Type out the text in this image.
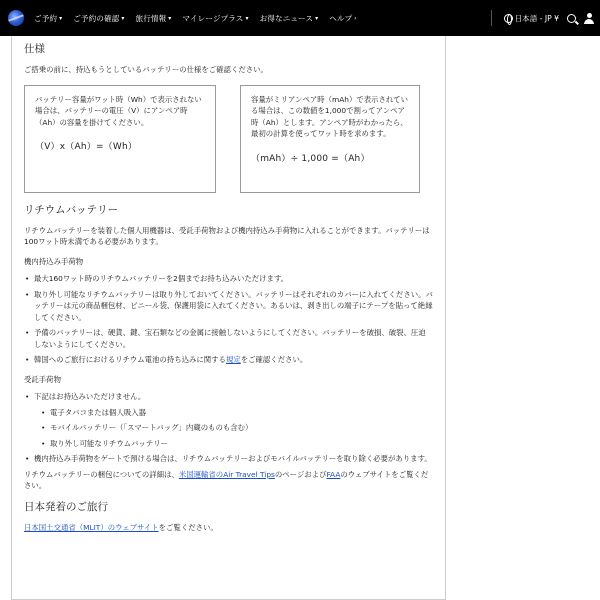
ご予約 ▾ ご予約の確認 ▾ 旅行情報 ▾ マイレージプラス ▾ お得なニュース ▾ ヘルプ ›	日本語 - JP ¥
仕様

ご搭乗の前に、持込もうとしているバッテリーの仕様をご確認ください。

バッテリー容量がワット時（Wh）で表示されない場合は、バッテリーの電圧（V）にアンペア時（Ah）の容量を掛けてください。

（V）x（Ah）=（Wh）

容量がミリアンペア時（mAh）で表示されている場合は、この数値を1,000で割ってアンペア時（Ah）とします。アンペア時がわかったら、最初の計算を使ってワット時を求めます。

（mAh）÷ 1,000 =（Ah）

リチウムバッテリー

リチウムバッテリーを装着した個人用機器は、受託手荷物および機内持込み手荷物に入れることができます。バッテリーは100ワット時未満である必要があります。

機内持込み手荷物

• 最大160ワット時のリチウムバッテリーを2個までお持ち込みいただけます。
• 取り外し可能なリチウムバッテリーは取り外しておいてください。バッテリーはそれぞれのカバーに入れてください。バッテリーは元の商品梱包材、ビニール袋、保護用袋に入れてください。あるいは、剥き出しの端子にテープを貼って絶縁してください。
• 予備のバッテリーは、硬貨、鍵、宝石類などの金属に接触しないようにしてください。バッテリーを破損、破裂、圧迫しないようにしてください。
• 韓国へのご旅行におけるリチウム電池の持ち込みに関する規定をご確認ください。

受託手荷物

• 下記はお持込みいただけません。
• 電子タバコまたは個人吸入器
• モバイルバッテリー（「スマートバッグ」内蔵のものも含む）
• 取り外し可能なリチウムバッテリー
• 機内持込み手荷物をゲートで預ける場合は、リチウムバッテリーおよびモバイルバッテリーを取り除く必要があります。

リチウムバッテリーの梱包についての詳細は、米国運輸省のAir Travel TipsのページおよびFAAのウェブサイトをご覧ください。

日本発着のご旅行

日本国土交通省（MLIT）のウェブサイトをご覧ください。
